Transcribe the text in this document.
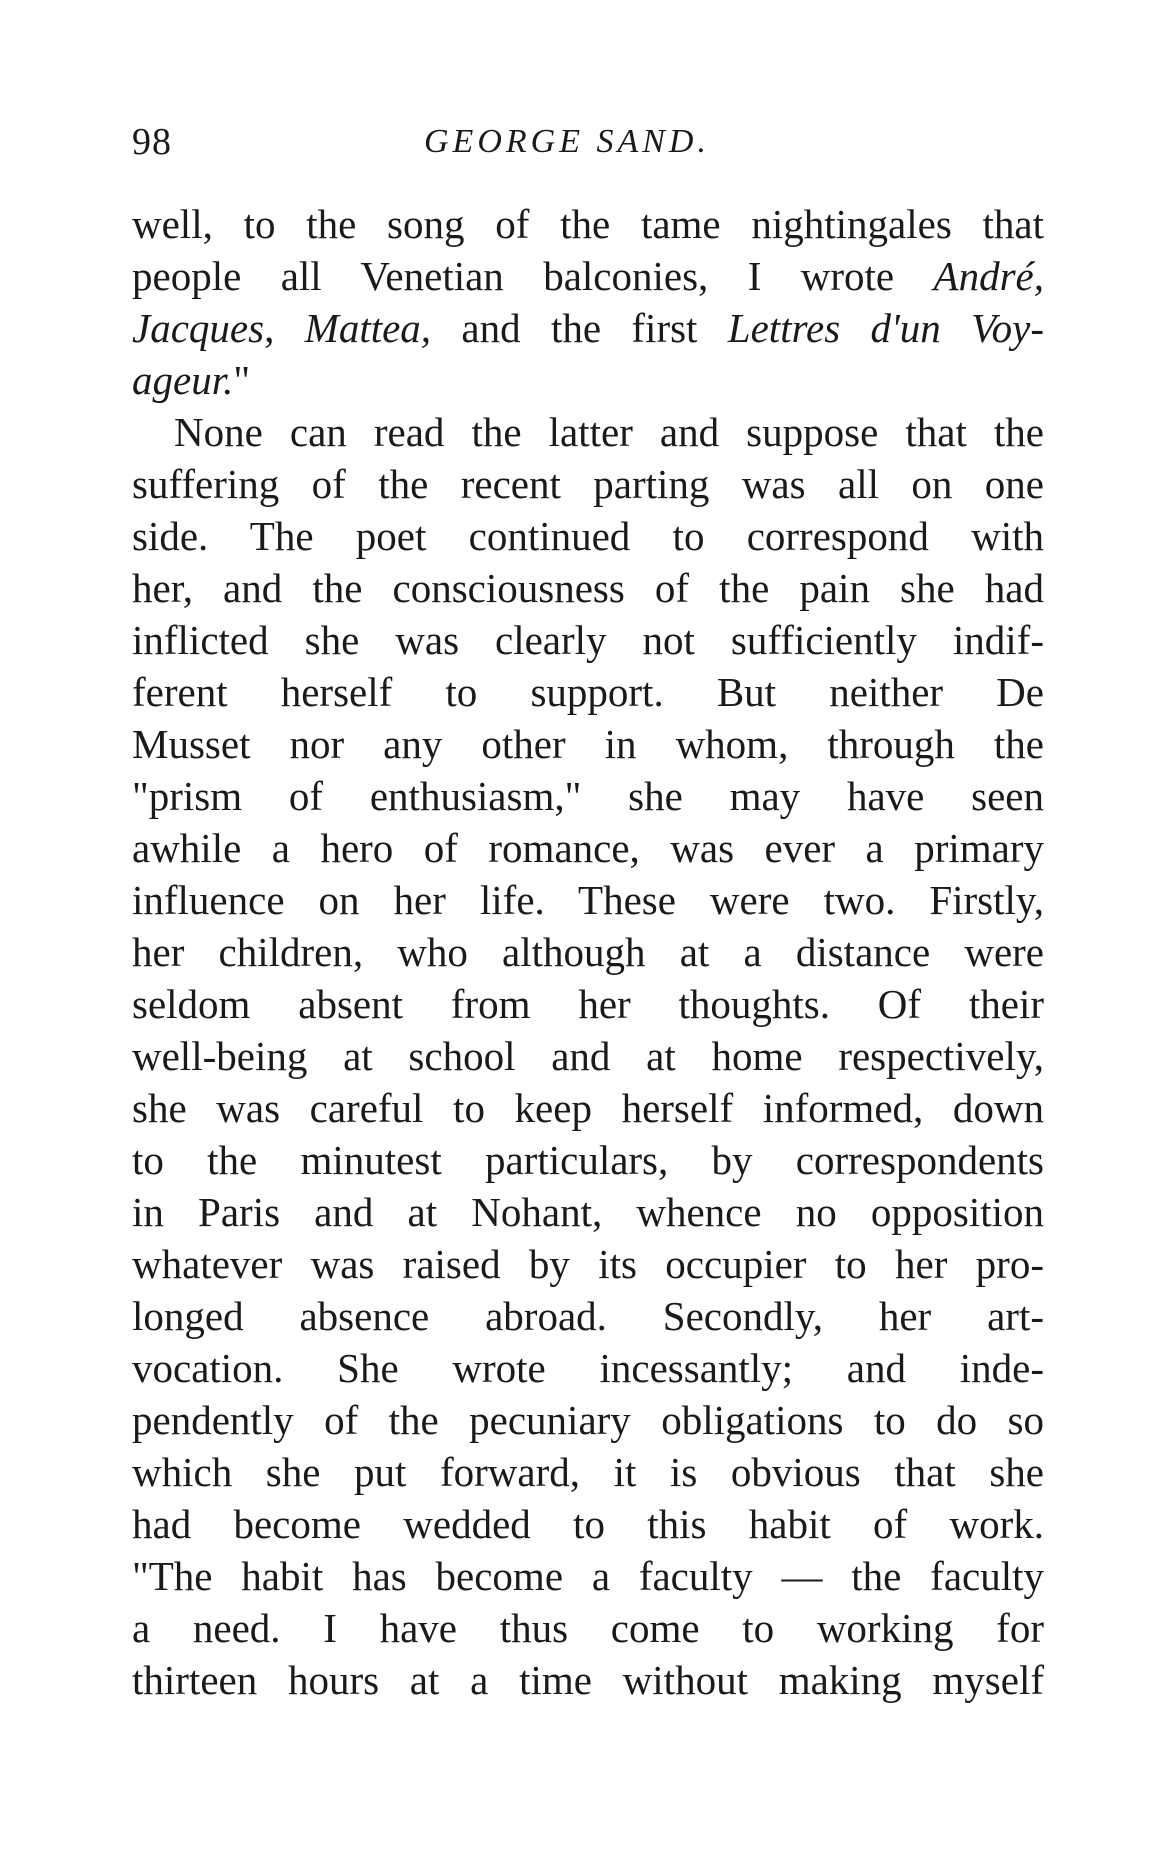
98	GEORGE SAND.
well, to the song of the tame nightingales that
people all Venetian balconies, I wrote André,
Jacques, Mattea, and the first Lettres d'un Voy-
ageur."
None can read the latter and suppose that the
suffering of the recent parting was all on one
side. The poet continued to correspond with
her, and the consciousness of the pain she had
inflicted she was clearly not sufficiently indif-
ferent herself to support. But neither De
Musset nor any other in whom, through the
"prism of enthusiasm," she may have seen
awhile a hero of romance, was ever a primary
influence on her life. These were two. Firstly,
her children, who although at a distance were
seldom absent from her thoughts. Of their
well-being at school and at home respectively,
she was careful to keep herself informed, down
to the minutest particulars, by correspondents
in Paris and at Nohant, whence no opposition
whatever was raised by its occupier to her pro-
longed absence abroad. Secondly, her art-
vocation. She wrote incessantly; and inde-
pendently of the pecuniary obligations to do so
which she put forward, it is obvious that she
had become wedded to this habit of work.
"The habit has become a faculty — the faculty
a need. I have thus come to working for
thirteen hours at a time without making myself
